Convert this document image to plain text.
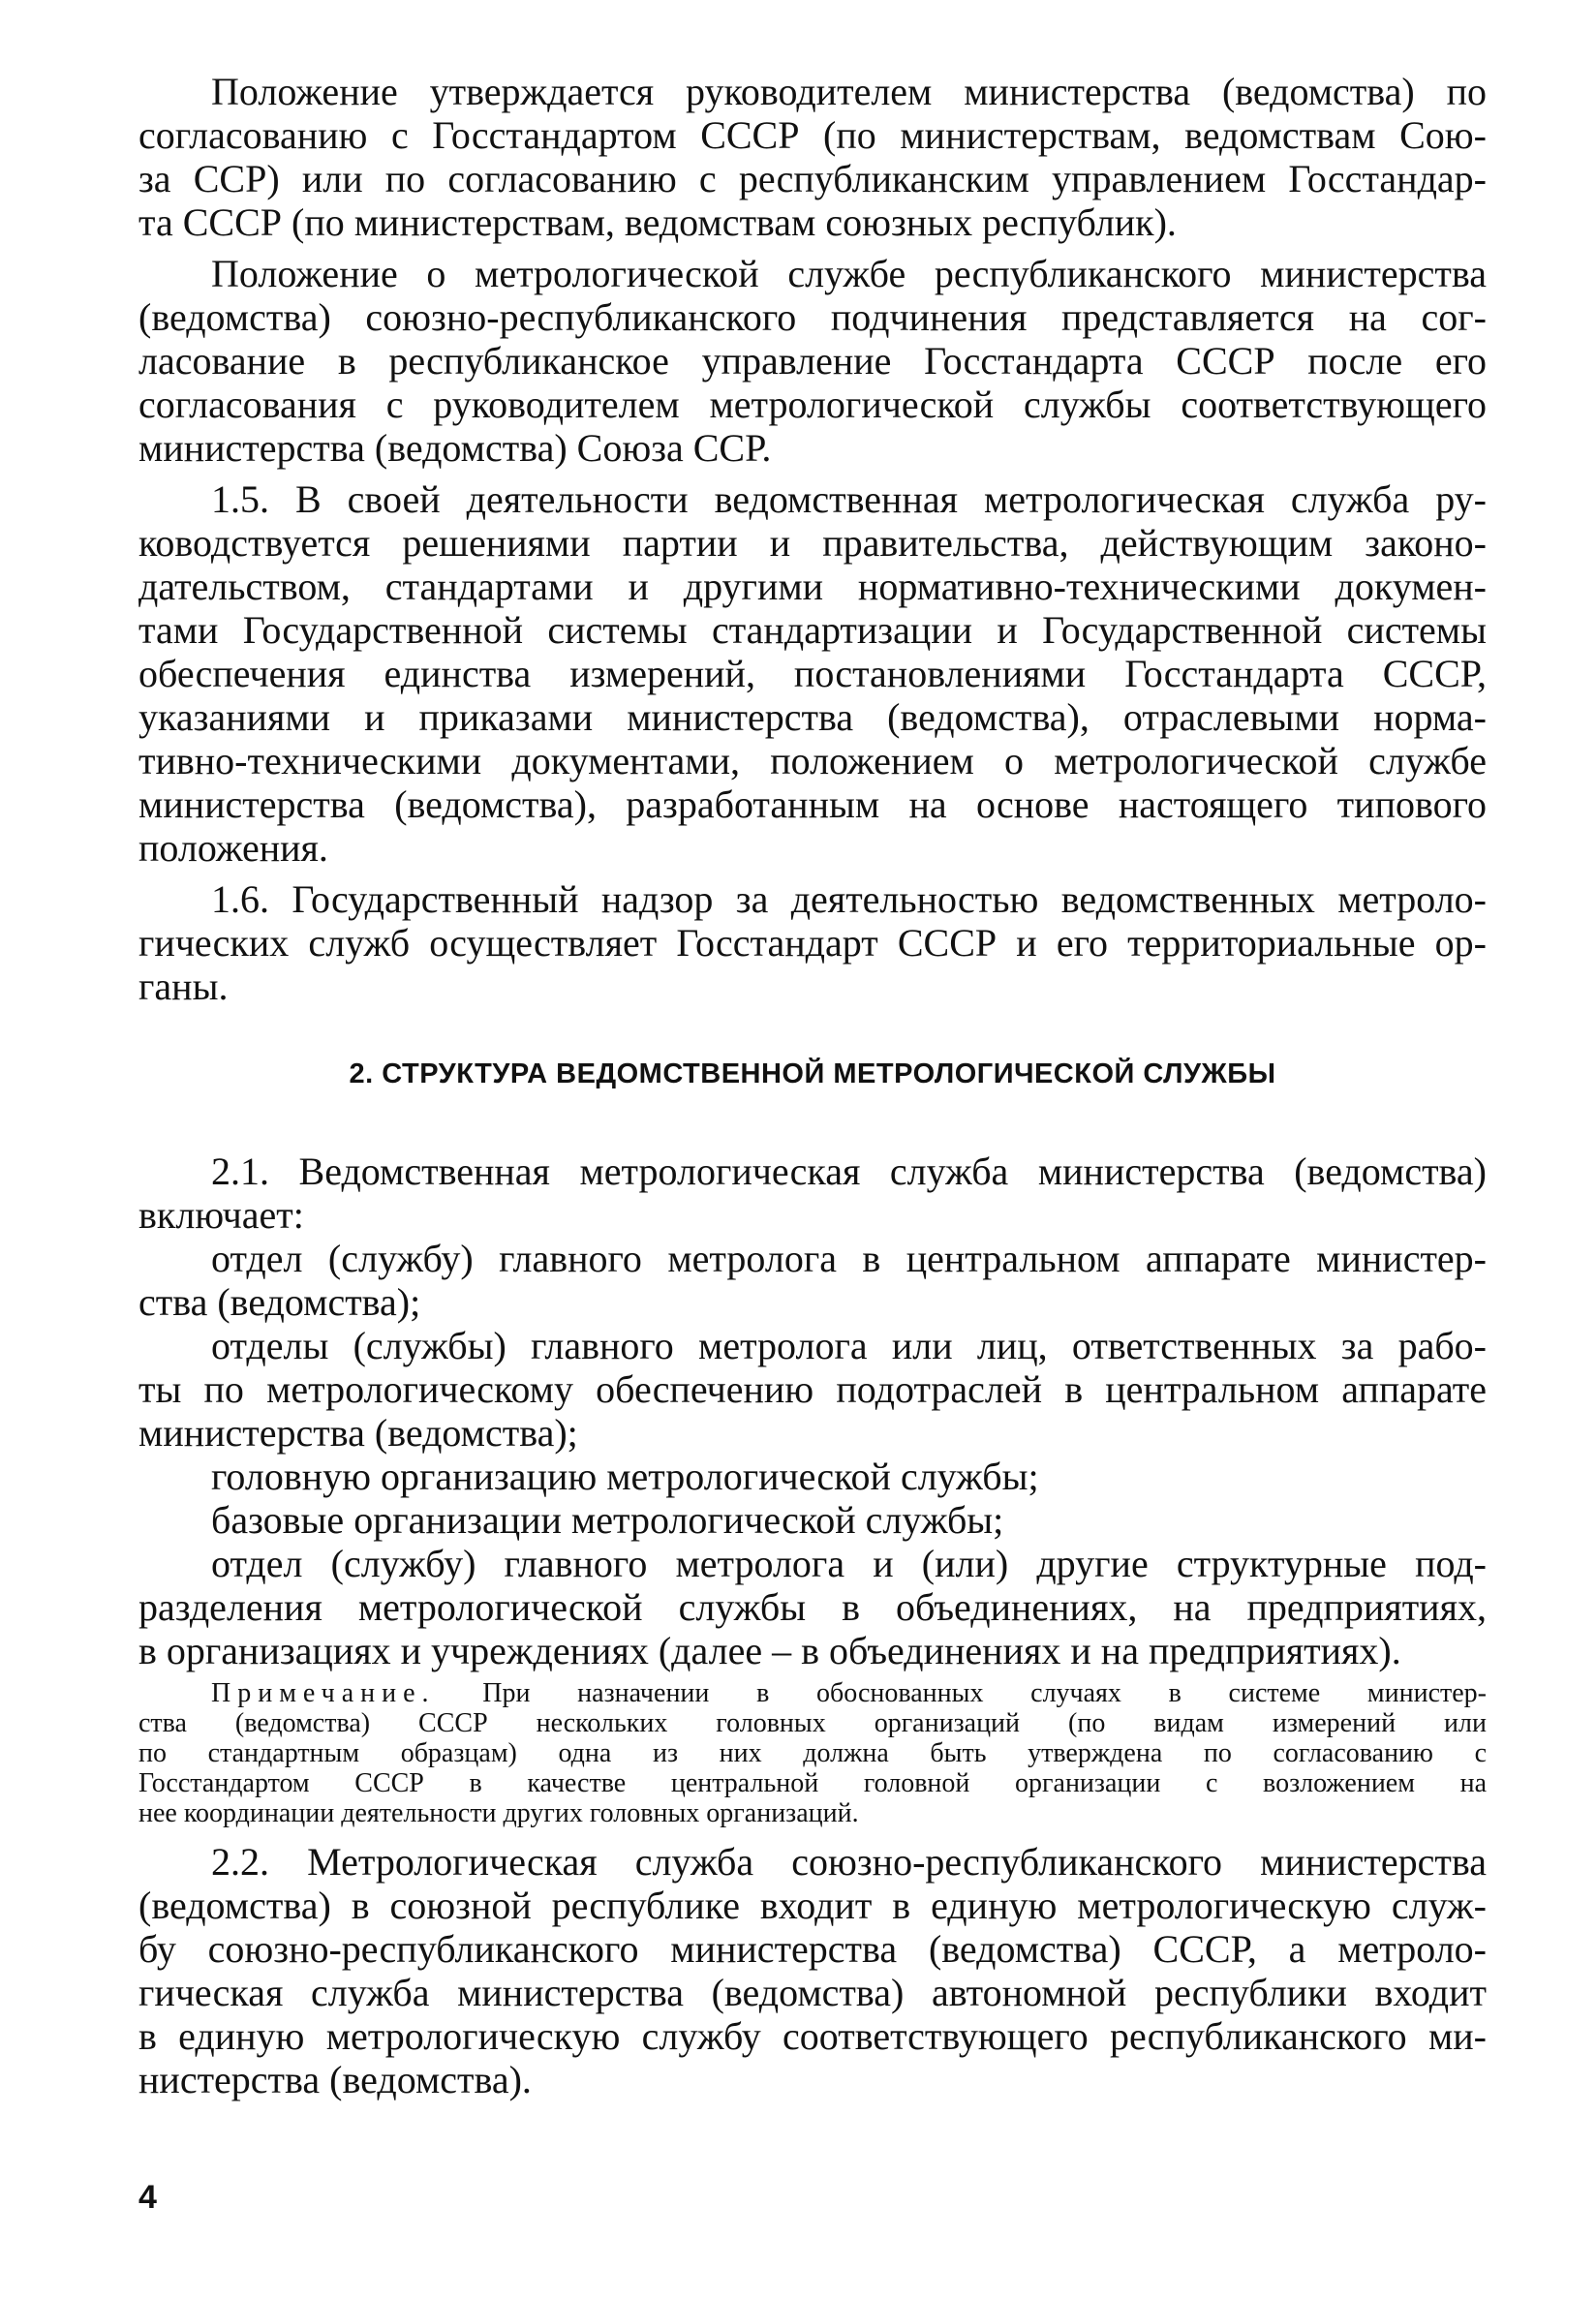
Положение утверждается руководителем министерства (ведомства) по
согласованию с Госстандартом СССР (по министерствам, ведомствам Сою-
за ССР) или по согласованию с республиканским управлением Госстандар-
та СССР (по министерствам, ведомствам союзных республик).
Положение о метрологической службе республиканского министерства
(ведомства) союзно-республиканского подчинения представляется на сог-
ласование в республиканское управление Госстандарта СССР после его
согласования с руководителем метрологической службы соответствующего
министерства (ведомства) Союза ССР.
1.5. В своей деятельности ведомственная метрологическая служба ру-
ководствуется решениями партии и правительства, действующим законо-
дательством, стандартами и другими нормативно-техническими докумен-
тами Государственной системы стандартизации и Государственной системы
обеспечения единства измерений, постановлениями Госстандарта СССР,
указаниями и приказами министерства (ведомства), отраслевыми норма-
тивно-техническими документами, положением о метрологической службе
министерства (ведомства), разработанным на основе настоящего типового
положения.
1.6. Государственный надзор за деятельностью ведомственных метроло-
гических служб осуществляет Госстандарт СССР и его территориальные ор-
ганы.
2. СТРУКТУРА ВЕДОМСТВЕННОЙ МЕТРОЛОГИЧЕСКОЙ СЛУЖБЫ
2.1. Ведомственная метрологическая служба министерства (ведомства)
включает:
отдел (службу) главного метролога в центральном аппарате министер-
ства (ведомства);
отделы (службы) главного метролога или лиц, ответственных за рабо-
ты по метрологическому обеспечению подотраслей в центральном аппарате
министерства (ведомства);
головную организацию метрологической службы;
базовые организации метрологической службы;
отдел (службу) главного метролога и (или) другие структурные под-
разделения метрологической службы в объединениях, на предприятиях,
в организациях и учреждениях (далее – в объединениях и на предприятиях).
Примечание. При назначении в обоснованных случаях в системе министер-
ства (ведомства) СССР нескольких головных организаций (по видам измерений или
по стандартным образцам) одна из них должна быть утверждена по согласованию с
Госстандартом СССР в качестве центральной головной организации с возложением на
нее координации деятельности других головных организаций.
2.2. Метрологическая служба союзно-республиканского министерства
(ведомства) в союзной республике входит в единую метрологическую служ-
бу союзно-республиканского министерства (ведомства) СССР, а метроло-
гическая служба министерства (ведомства) автономной республики входит
в единую метрологическую службу соответствующего республиканского ми-
нистерства (ведомства).
4
